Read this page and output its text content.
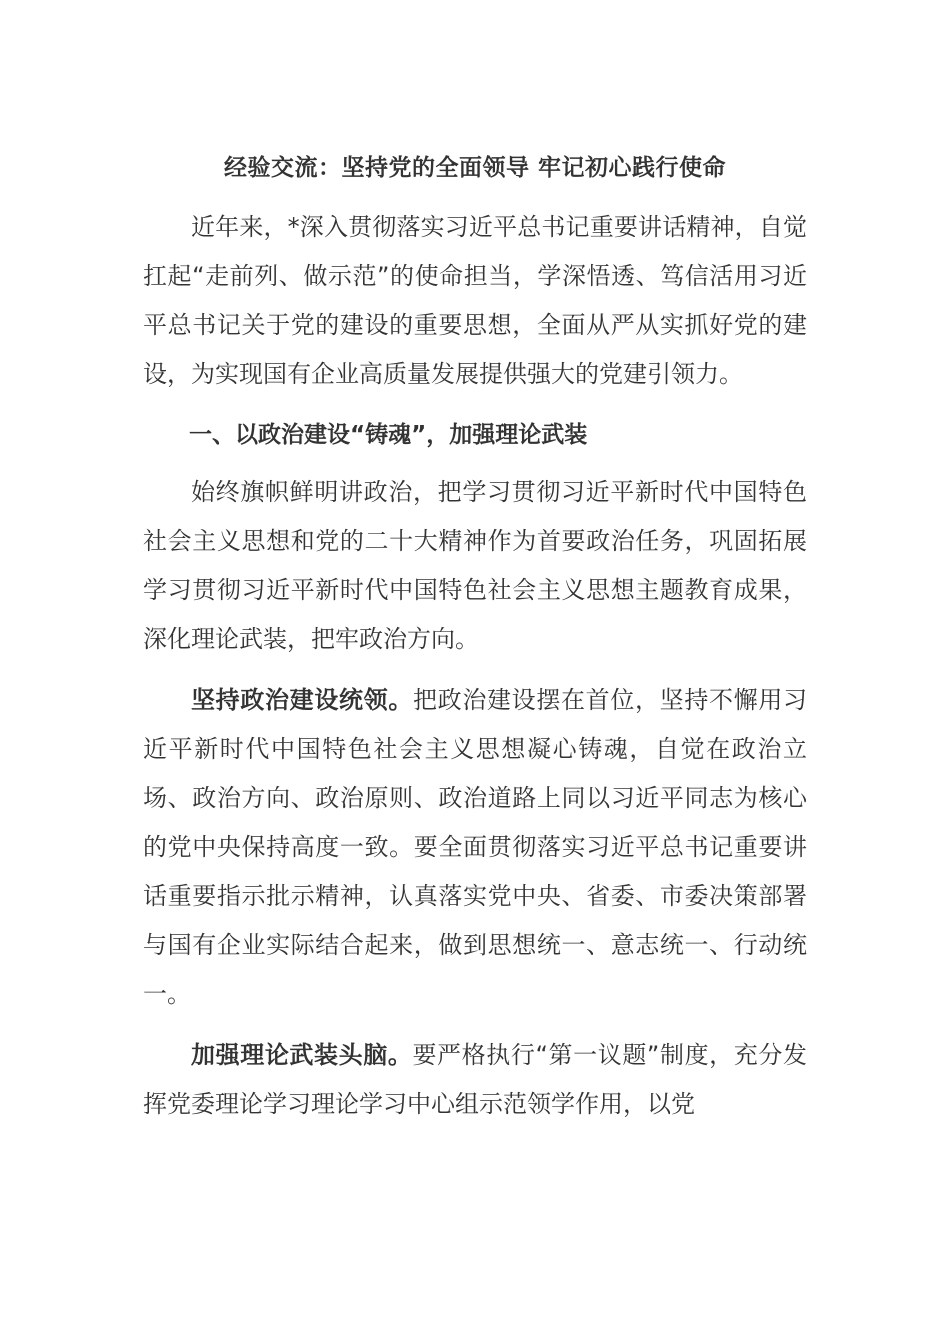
经验交流：坚持党的全面领导 牢记初心践行使命

近年来，*深入贯彻落实习近平总书记重要讲话精神，自觉扛起“走前列、做示范”的使命担当，学深悟透、笃信活用习近平总书记关于党的建设的重要思想，全面从严从实抓好党的建设，为实现国有企业高质量发展提供强大的党建引领力。

一、以政治建设“铸魂”，加强理论武装

始终旗帜鲜明讲政治，把学习贯彻习近平新时代中国特色社会主义思想和党的二十大精神作为首要政治任务，巩固拓展学习贯彻习近平新时代中国特色社会主义思想主题教育成果，深化理论武装，把牢政治方向。

坚持政治建设统领。把政治建设摆在首位，坚持不懈用习近平新时代中国特色社会主义思想凝心铸魂，自觉在政治立场、政治方向、政治原则、政治道路上同以习近平同志为核心的党中央保持高度一致。要全面贯彻落实习近平总书记重要讲话重要指示批示精神，认真落实党中央、省委、市委决策部署与国有企业实际结合起来，做到思想统一、意志统一、行动统一。

加强理论武装头脑。要严格执行“第一议题”制度，充分发挥党委理论学习理论学习中心组示范领学作用，以党
